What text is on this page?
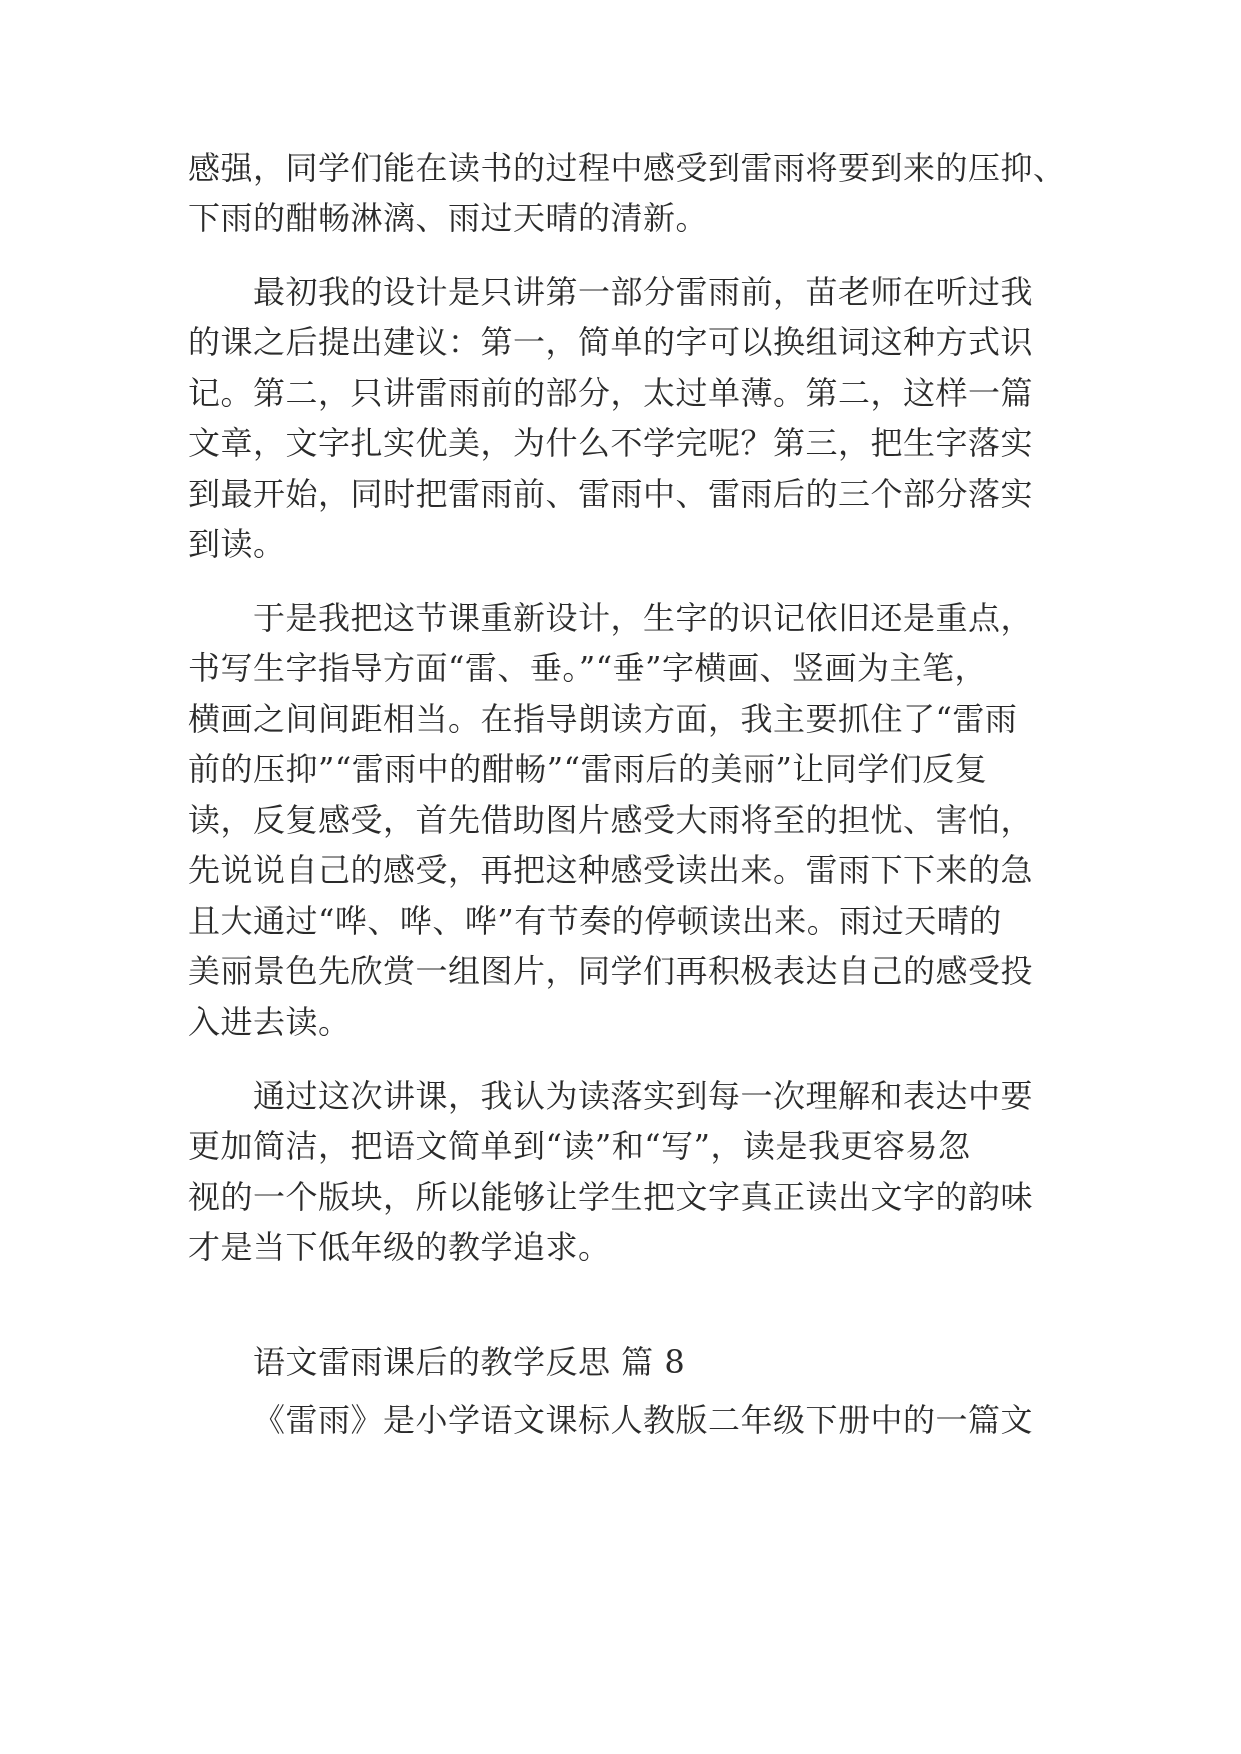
感强，同学们能在读书的过程中感受到雷雨将要到来的压抑、
下雨的酣畅淋漓、雨过天晴的清新。
最初我的设计是只讲第一部分雷雨前，苗老师在听过我
的课之后提出建议：第一，简单的字可以换组词这种方式识
记。第二，只讲雷雨前的部分，太过单薄。第二，这样一篇
文章，文字扎实优美，为什么不学完呢？第三，把生字落实
到最开始，同时把雷雨前、雷雨中、雷雨后的三个部分落实
到读。
于是我把这节课重新设计，生字的识记依旧还是重点，
书写生字指导方面“雷、垂。”“垂”字横画、竖画为主笔，
横画之间间距相当。在指导朗读方面，我主要抓住了“雷雨
前的压抑”“雷雨中的酣畅”“雷雨后的美丽”让同学们反复
读，反复感受，首先借助图片感受大雨将至的担忧、害怕，
先说说自己的感受，再把这种感受读出来。雷雨下下来的急
且大通过“哗、哗、哗”有节奏的停顿读出来。雨过天晴的
美丽景色先欣赏一组图片，同学们再积极表达自己的感受投
入进去读。
通过这次讲课，我认为读落实到每一次理解和表达中要
更加简洁，把语文简单到“读”和“写”，读是我更容易忽
视的一个版块，所以能够让学生把文字真正读出文字的韵味
才是当下低年级的教学追求。
语文雷雨课后的教学反思 篇 8
《雷雨》是小学语文课标人教版二年级下册中的一篇文
